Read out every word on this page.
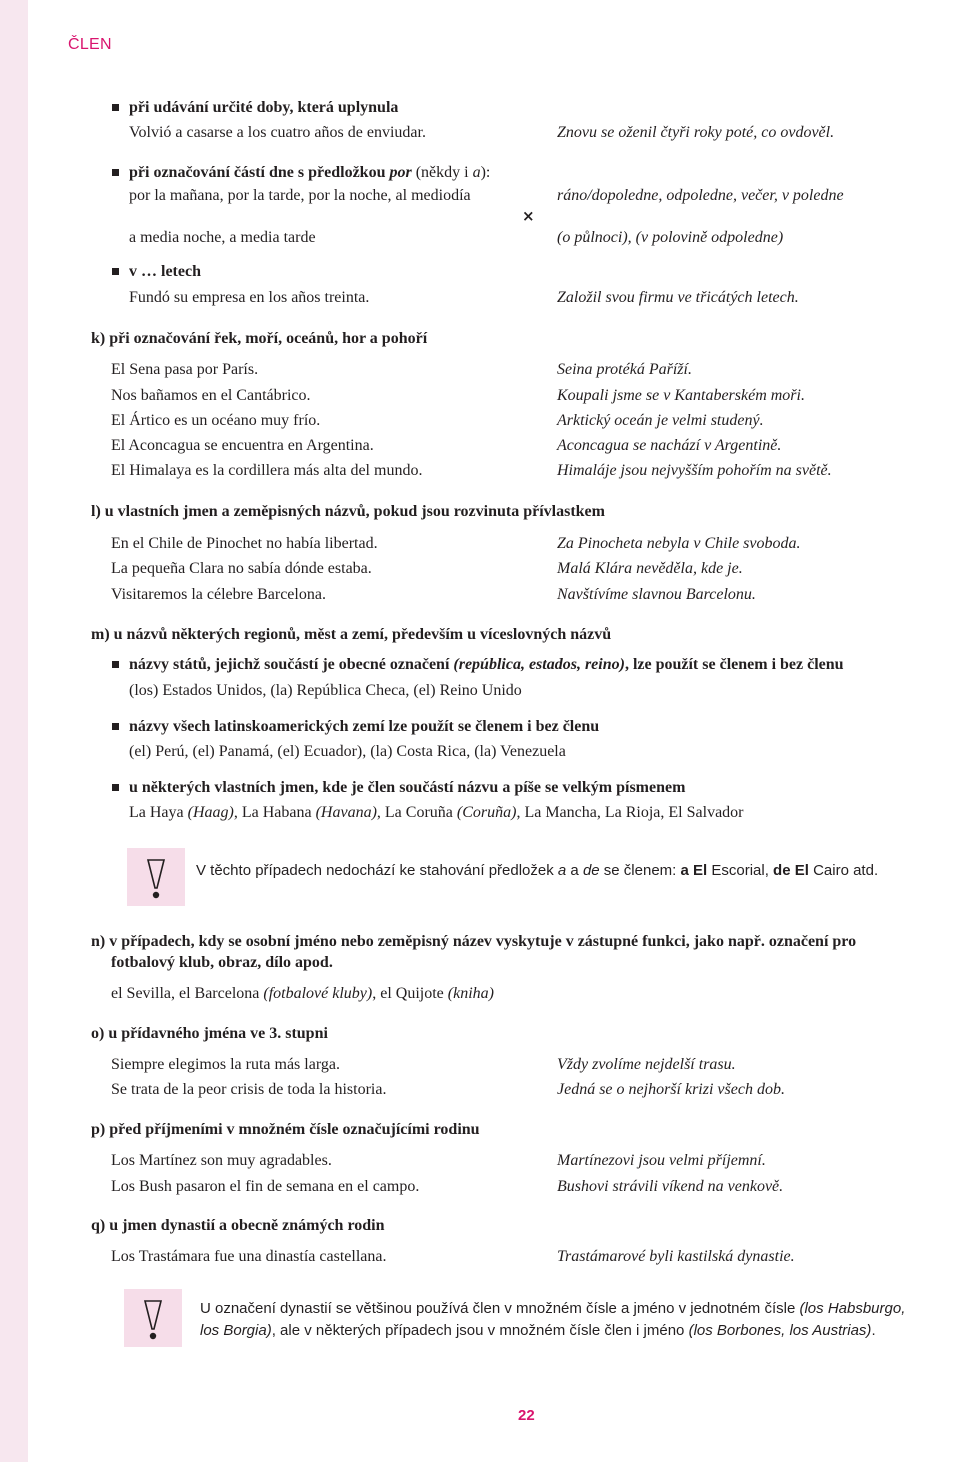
ČLEN
při udávání určité doby, která uplynula
Volvió a casarse a los cuatro años de enviudar.	Znovu se oženil čtyři roky poté, co ovdověl.
při označování částí dne s předložkou por (někdy i a):
por la mañana, por la tarde, por la noche, al mediodía	ráno/dopoledne, odpoledne, večer, v poledne
×
a media noche, a media tarde	(o půlnoci), (v polovině odpoledne)
v … letech
Fundó su empresa en los años treinta.	Založil svou firmu ve třicátých letech.
k) při označování řek, moří, oceánů, hor a pohoří
El Sena pasa por París.	Seina protéká Paříží.
Nos bañamos en el Cantábrico.	Koupali jsme se v Kantaberském moři.
El Ártico es un océano muy frío.	Arktický oceán je velmi studený.
El Aconcagua se encuentra en Argentina.	Aconcagua se nachází v Argentině.
El Himalaya es la cordillera más alta del mundo.	Himaláje jsou nejvyšším pohořím na světě.
l) u vlastních jmen a zeměpisných názvů, pokud jsou rozvinuta přívlastkem
En el Chile de Pinochet no había libertad.	Za Pinocheta nebyla v Chile svoboda.
La pequeña Clara no sabía dónde estaba.	Malá Klára nevěděla, kde je.
Visitaremos la célebre Barcelona.	Navštívíme slavnou Barcelonu.
m) u názvů některých regionů, měst a zemí, především u víceslovných názvů
názvy států, jejichž součástí je obecné označení (república, estados, reino), lze použít se členem i bez členu
(los) Estados Unidos, (la) República Checa, (el) Reino Unido
názvy všech latinskoamerických zemí lze použít se členem i bez členu
(el) Perú, (el) Panamá, (el) Ecuador), (la) Costa Rica, (la) Venezuela
u některých vlastních jmen, kde je člen součástí názvu a píše se velkým písmenem
La Haya (Haag), La Habana (Havana), La Coruña (Coruña), La Mancha, La Rioja, El Salvador
V těchto případech nedochází ke stahování předložek a a de se členem: a El Escorial, de El Cairo atd.
n) v případech, kdy se osobní jméno nebo zeměpisný název vyskytuje v zástupné funkci, jako např. označení pro
fotbalový klub, obraz, dílo apod.
el Sevilla, el Barcelona (fotbalové kluby), el Quijote (kniha)
o) u přídavného jména ve 3. stupni
Siempre elegimos la ruta más larga.	Vždy zvolíme nejdelší trasu.
Se trata de la peor crisis de toda la historia.	Jedná se o nejhorší krizi všech dob.
p) před příjmeními v množném čísle označujícími rodinu
Los Martínez son muy agradables.	Martínezovi jsou velmi příjemní.
Los Bush pasaron el fin de semana en el campo.	Bushovi strávili víkend na venkově.
q) u jmen dynastií a obecně známých rodin
Los Trastámara fue una dinastía castellana.	Trastámarové byli kastilská dynastie.
U označení dynastií se většinou používá člen v množném čísle a jméno v jednotném čísle (los Habsburgo,
los Borgia), ale v některých případech jsou v množném čísle člen i jméno (los Borbones, los Austrias).
22
